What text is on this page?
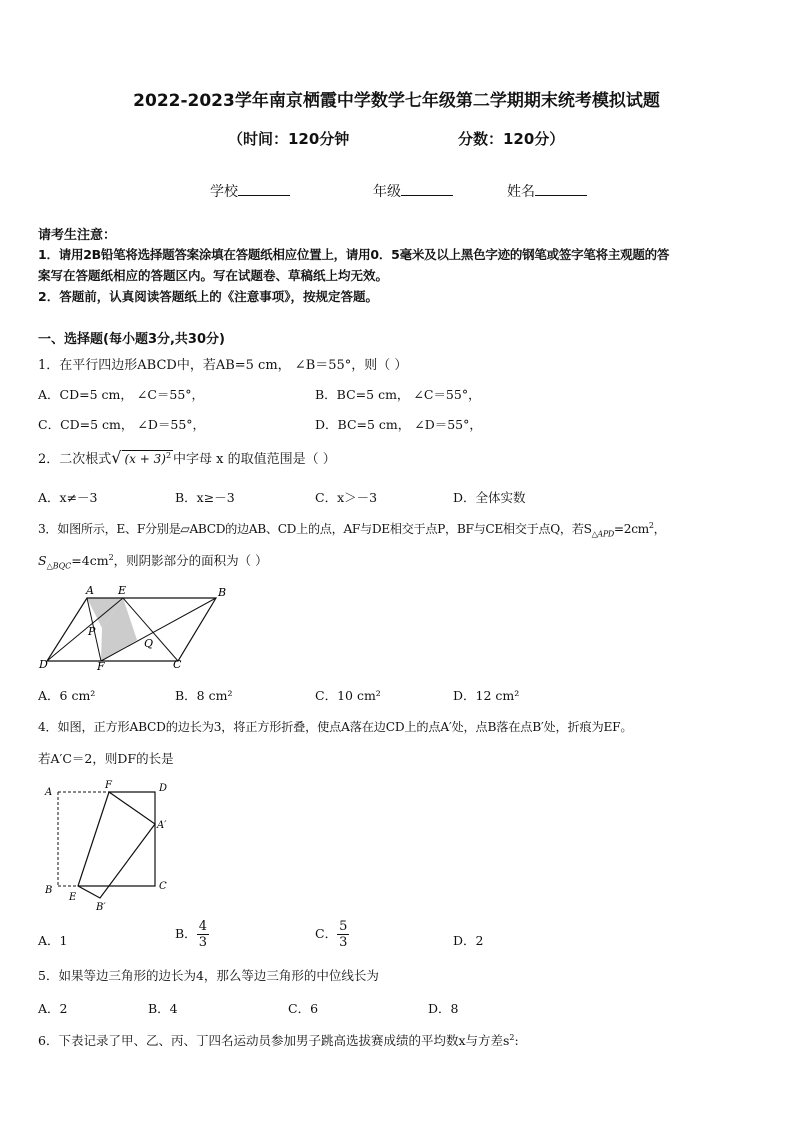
2022-2023学年南京栖霞中学数学七年级第二学期期末统考模拟试题
（时间：120分钟	分数：120分）
学校	年级	姓名
请考生注意：
1．请用2B铅笔将选择题答案涂填在答题纸相应位置上，请用0．5毫米及以上黑色字迹的钢笔或签字笔将主观题的答
案写在答题纸相应的答题区内。写在试题卷、草稿纸上均无效。
2．答题前，认真阅读答题纸上的《注意事项》，按规定答题。
一、选择题(每小题3分,共30分)
1．在平行四边形ABCD中，若AB=5 cm， ∠B＝55°，则（ ）
A．CD=5 cm， ∠C＝55°，	B．BC=5 cm， ∠C＝55°，
C．CD=5 cm， ∠D＝55°，	D．BC=5 cm， ∠D＝55°，
2．二次根式√ $(x + 3)^2$ 中字母 x 的取值范围是（ ）
A．x≠－3	B．x≥－3	C．x＞－3	D．全体实数
3．如图所示，E、F分别是▱ABCD的边AB、CD上的点，AF与DE相交于点P，BF与CE相交于点Q，若$S_{\triangle APD}=2cm^2$，
$S_{\triangle BQC}=4cm^2$，则阴影部分的面积为（ ）
A E	B
P
Q
D	F	C
A．6 cm²	B．8 cm²	C．10 cm²	D．12 cm²
4．如图，正方形ABCD的边长为3，将正方形折叠，使点A落在边CD上的点A′处，点B落在点B′处，折痕为EF。
若A′C＝2，则DF的长是
A
F	D
A′
B
E
C
B′
A．1	B． $\frac{4}{3}$	C． $\frac{5}{3}$	D．2
5．如果等边三角形的边长为4，那么等边三角形的中位线长为
A．2	B．4	C．6	D．8
6．下表记录了甲、乙、丙、丁四名运动员参加男子跳高选拔赛成绩的平均数x与方差$s^2$:
